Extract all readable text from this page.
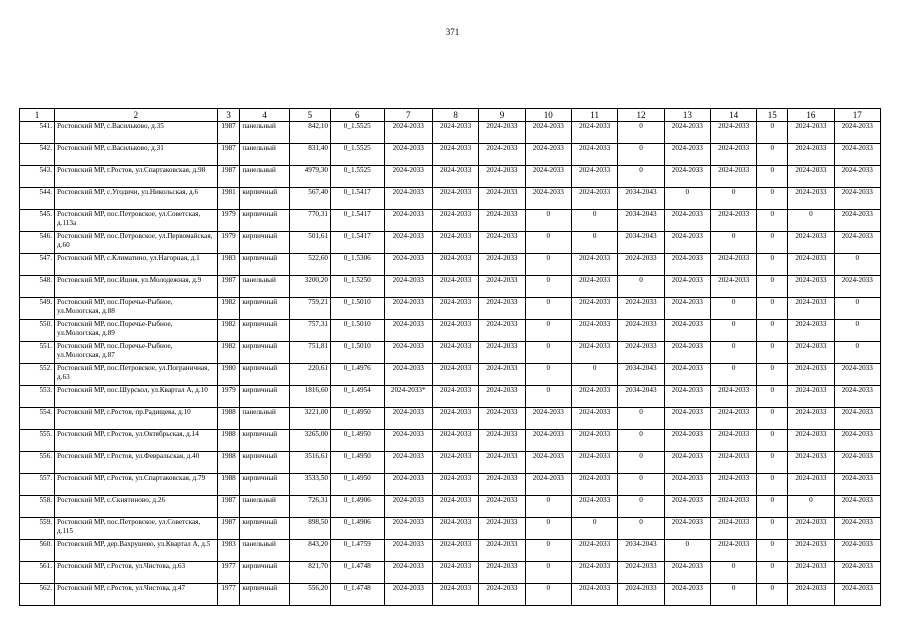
371
1	2	3	4	5	6	7	8	9	10	11	12	13	14	15	16	17
541.	Ростовский МР, с.Васильково, д.35	1987	панельный	842,10	0_1.5525	2024-2033	2024-2033	2024-2033	2024-2033	2024-2033	0	2024-2033	2024-2033	0	2024-2033	2024-2033
542.	Ростовский МР, с.Васильково, д.31	1987	панельный	831,40	0_1.5525	2024-2033	2024-2033	2024-2033	2024-2033	2024-2033	0	2024-2033	2024-2033	0	2024-2033	2024-2033
543.	Ростовский МР, г.Ростов, ул.Спартаковская, д.98	1987	панельный	4979,30	0_1.5525	2024-2033	2024-2033	2024-2033	2024-2033	2024-2033	0	2024-2033	2024-2033	0	2024-2033	2024-2033
544.	Ростовский МР, с.Угодичи, ул.Никольская, д.6	1981	кирпичный	567,40	0_1.5417	2024-2033	2024-2033	2024-2033	2024-2033	2024-2033	2034-2043	0	0	0	2024-2033	2024-2033
545.	Ростовский МР, пос.Петровское, ул.Советская, д.113а	1979	кирпичный	770,31	0_1.5417	2024-2033	2024-2033	2024-2033	0	0	2034-2043	2024-2033	2024-2033	0	0	2024-2033
546.	Ростовский МР, пос.Петровское, ул.Первомайская, д.60	1979	кирпичный	501,61	0_1.5417	2024-2033	2024-2033	2024-2033	0	0	2034-2043	2024-2033	0	0	2024-2033	2024-2033
547.	Ростовский МР, с.Климатино, ул.Нагорная, д.1	1983	кирпичный	522,60	0_1.5306	2024-2033	2024-2033	2024-2033	0	2024-2033	2024-2033	2024-2033	2024-2033	0	2024-2033	0
548.	Ростовский МР, пос.Ишня, ул.Молодежная, д.9	1987	панельный	3200,20	0_1.5250	2024-2033	2024-2033	2024-2033	0	2024-2033	0	2024-2033	2024-2033	0	2024-2033	2024-2033
549.	Ростовский МР, пос.Поречье-Рыбное, ул.Мологская, д.88	1982	кирпичный	759,21	0_1.5010	2024-2033	2024-2033	2024-2033	0	2024-2033	2024-2033	2024-2033	0	0	2024-2033	0
550.	Ростовский МР, пос.Поречье-Рыбное, ул.Мологская, д.89	1982	кирпичный	757,31	0_1.5010	2024-2033	2024-2033	2024-2033	0	2024-2033	2024-2033	2024-2033	0	0	2024-2033	0
551.	Ростовский МР, пос.Поречье-Рыбное, ул.Мологская, д.87	1982	кирпичный	751,81	0_1.5010	2024-2033	2024-2033	2024-2033	0	2024-2033	2024-2033	2024-2033	0	0	2024-2033	0
552.	Ростовский МР, пос.Петровское, ул.Пограничная, д.63	1980	кирпичный	220,61	0_1.4976	2024-2033	2024-2033	2024-2033	0	0	2034-2043	2024-2033	0	0	2024-2033	2024-2033
553.	Ростовский МР, пос.Шурскол, ул.Квартал А, д.10	1979	кирпичный	1816,60	0_1.4954	2024-2033*	2024-2033	2024-2033	0	2024-2033	2034-2043	2024-2033	2024-2033	0	2024-2033	2024-2033
554.	Ростовский МР, г.Ростов, пр.Радищева, д.10	1988	панельный	3221,00	0_1.4950	2024-2033	2024-2033	2024-2033	2024-2033	2024-2033	0	2024-2033	2024-2033	0	2024-2033	2024-2033
555.	Ростовский МР, г.Ростов, ул.Октябрьская, д.14	1988	кирпичный	3265,00	0_1.4950	2024-2033	2024-2033	2024-2033	2024-2033	2024-2033	0	2024-2033	2024-2033	0	2024-2033	2024-2033
556.	Ростовский МР, г.Ростов, ул.Февральская, д.40	1988	кирпичный	3516,61	0_1.4950	2024-2033	2024-2033	2024-2033	2024-2033	2024-2033	0	2024-2033	2024-2033	0	2024-2033	2024-2033
557.	Ростовский МР, г.Ростов, ул.Спартаковская, д.79	1988	кирпичный	3533,50	0_1.4950	2024-2033	2024-2033	2024-2033	2024-2033	2024-2033	0	2024-2033	2024-2033	0	2024-2033	2024-2033
558.	Ростовский МР, с.Скнятиново, д.26	1987	панельный	726,31	0_1.4906	2024-2033	2024-2033	2024-2033	0	2024-2033	0	2024-2033	2024-2033	0	0	2024-2033
559.	Ростовский МР, пос.Петровское, ул.Советская, д.115	1987	кирпичный	898,50	0_1.4906	2024-2033	2024-2033	2024-2033	0	0	0	2024-2033	2024-2033	0	2024-2033	2024-2033
560.	Ростовский МР, дер.Вахрушево, ул.Квартал А, д.5	1983	панельный	843,20	0_1.4759	2024-2033	2024-2033	2024-2033	0	2024-2033	2034-2043	0	2024-2033	0	2024-2033	2024-2033
561.	Ростовский МР, г.Ростов, ул.Чистова, д.63	1977	кирпичный	821,70	0_1.4748	2024-2033	2024-2033	2024-2033	0	2024-2033	2024-2033	2024-2033	0	0	2024-2033	2024-2033
562.	Ростовский МР, г.Ростов, ул.Чистова, д.47	1977	кирпичный	556,20	0_1.4748	2024-2033	2024-2033	2024-2033	0	2024-2033	2024-2033	2024-2033	0	0	2024-2033	2024-2033
